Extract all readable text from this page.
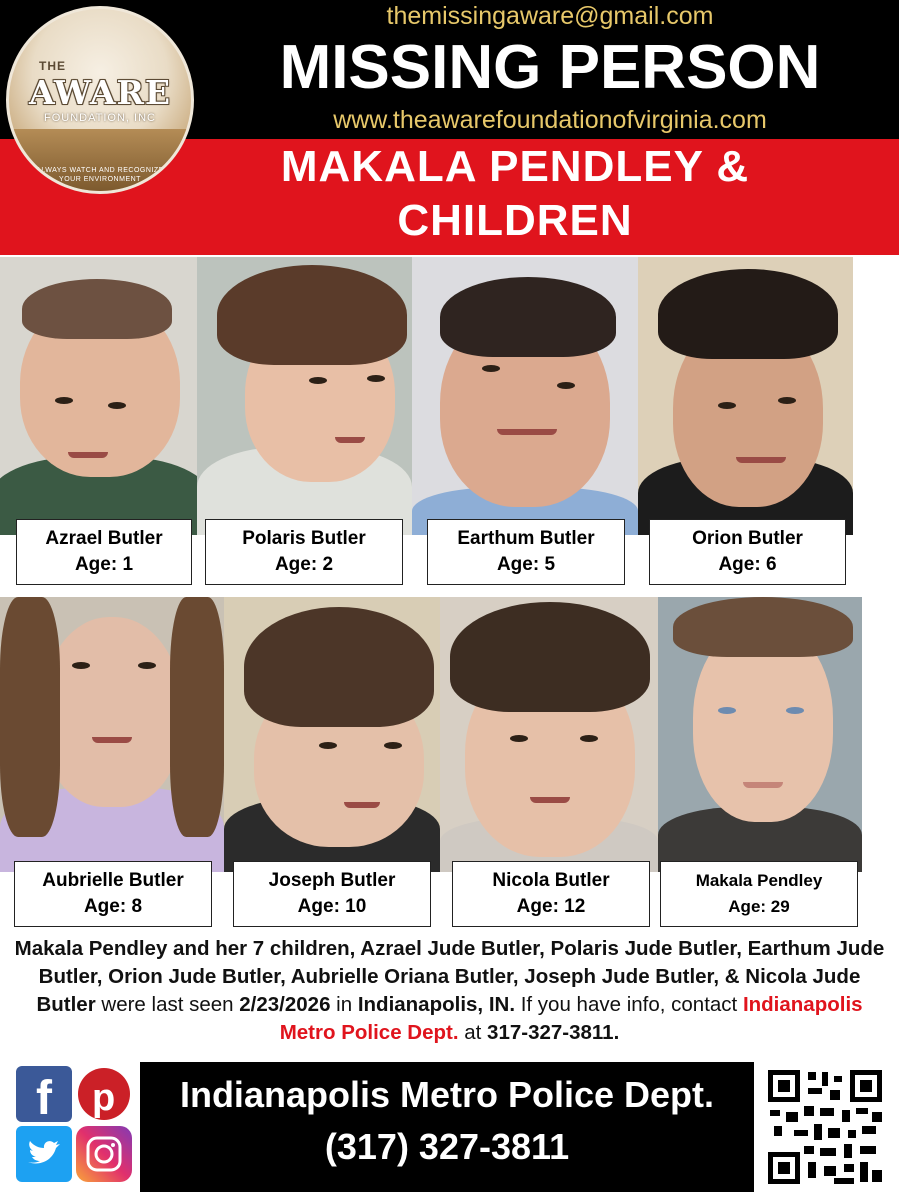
THE
AWARE
FOUNDATION, INC
ALWAYS WATCH AND RECOGNIZE
YOUR ENVIRONMENT
themissingaware@gmail.com
MISSING PERSON
www.theawarefoundationofvirginia.com
MAKALA PENDLEY &
CHILDREN
Azrael Butler
Age: 1
Polaris Butler
Age: 2
Earthum Butler
Age: 5
Orion Butler
Age: 6
Aubrielle Butler
Age: 8
Joseph Butler
Age: 10
Nicola Butler
Age: 12
Makala Pendley
Age: 29
Makala Pendley and her 7 children, Azrael Jude Butler, Polaris Jude Butler, Earthum Jude Butler, Orion Jude Butler, Aubrielle Oriana Butler, Joseph Jude Butler, & Nicola Jude Butler were last seen 2/23/2026 in Indianapolis, IN. If you have info, contact Indianapolis Metro Police Dept. at 317-327-3811.
f p	Indianapolis Metro Police Dept.
(317) 327-3811
